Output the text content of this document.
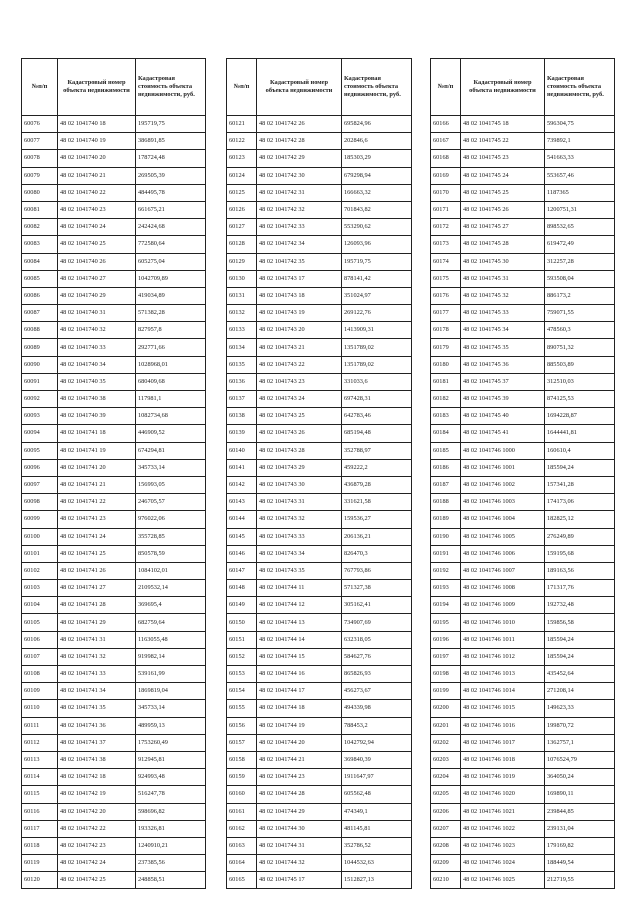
№п/п	Кадастровый номер объекта недвижимости	Кадастровая стоимость объекта недвижимости, руб.
60076	48 02 1041740 18	195719,75
60077	48 02 1041740 19	386891,85
60078	48 02 1041740 20	178724,48
60079	48 02 1041740 21	269505,39
60080	48 02 1041740 22	484495,78
60081	48 02 1041740 23	661675,21
60082	48 02 1041740 24	242424,68
60083	48 02 1041740 25	772580,64
60084	48 02 1041740 26	605275,04
60085	48 02 1041740 27	1042709,89
60086	48 02 1041740 29	419034,89
60087	48 02 1041740 31	571382,28
60088	48 02 1041740 32	827957,8
60089	48 02 1041740 33	292771,66
60090	48 02 1041740 34	1028968,01
60091	48 02 1041740 35	680409,68
60092	48 02 1041740 38	117981,1
60093	48 02 1041740 39	1082734,68
60094	48 02 1041741 18	446909,52
60095	48 02 1041741 19	674294,81
60096	48 02 1041741 20	345733,14
60097	48 02 1041741 21	156993,05
60098	48 02 1041741 22	246705,57
60099	48 02 1041741 23	976022,06
60100	48 02 1041741 24	355728,85
60101	48 02 1041741 25	850578,59
60102	48 02 1041741 26	1084102,01
60103	48 02 1041741 27	2109532,14
60104	48 02 1041741 28	369695,4
60105	48 02 1041741 29	682759,64
60106	48 02 1041741 31	1163055,48
60107	48 02 1041741 32	919982,14
60108	48 02 1041741 33	539161,99
60109	48 02 1041741 34	1869819,04
60110	48 02 1041741 35	345733,14
60111	48 02 1041741 36	489959,13
60112	48 02 1041741 37	1753260,49
60113	48 02 1041741 38	912945,81
60114	48 02 1041742 18	924993,48
60115	48 02 1041742 19	516247,78
60116	48 02 1041742 20	598696,82
60117	48 02 1041742 22	193326,81
60118	48 02 1041742 23	1240910,21
60119	48 02 1041742 24	237385,56
60120	48 02 1041742 25	248858,51
№п/п	Кадастровый номер объекта недвижимости	Кадастровая стоимость объекта недвижимости, руб.
60121	48 02 1041742 26	695824,96
60122	48 02 1041742 28	202846,6
60123	48 02 1041742 29	185303,29
60124	48 02 1041742 30	679298,94
60125	48 02 1041742 31	166663,32
60126	48 02 1041742 32	701843,82
60127	48 02 1041742 33	553290,62
60128	48 02 1041742 34	126093,96
60129	48 02 1041742 35	195719,75
60130	48 02 1041743 17	878141,42
60131	48 02 1041743 18	351024,97
60132	48 02 1041743 19	269122,76
60133	48 02 1041743 20	1413909,31
60134	48 02 1041743 21	1351789,02
60135	48 02 1041743 22	1351789,02
60136	48 02 1041743 23	331033,6
60137	48 02 1041743 24	697428,31
60138	48 02 1041743 25	642783,46
60139	48 02 1041743 26	685194,48
60140	48 02 1041743 28	352788,97
60141	48 02 1041743 29	459222,2
60142	48 02 1041743 30	436879,28
60143	48 02 1041743 31	331621,58
60144	48 02 1041743 32	159536,27
60145	48 02 1041743 33	206136,21
60146	48 02 1041743 34	826470,3
60147	48 02 1041743 35	767793,86
60148	48 02 1041744 11	571327,38
60149	48 02 1041744 12	305162,41
60150	48 02 1041744 13	734907,69
60151	48 02 1041744 14	632318,05
60152	48 02 1041744 15	584627,76
60153	48 02 1041744 16	865826,93
60154	48 02 1041744 17	456273,67
60155	48 02 1041744 18	494339,98
60156	48 02 1041744 19	788453,2
60157	48 02 1041744 20	1042792,94
60158	48 02 1041744 21	369840,39
60159	48 02 1041744 23	1911647,97
60160	48 02 1041744 28	605562,48
60161	48 02 1041744 29	474349,1
60162	48 02 1041744 30	481145,81
60163	48 02 1041744 31	352786,52
60164	48 02 1041744 32	1044532,63
60165	48 02 1041745 17	1512827,13
№п/п	Кадастровый номер объекта недвижимости	Кадастровая стоимость объекта недвижимости, руб.
60166	48 02 1041745 18	596304,75
60167	48 02 1041745 22	739892,1
60168	48 02 1041745 23	541663,33
60169	48 02 1041745 24	553657,46
60170	48 02 1041745 25	1187365
60171	48 02 1041745 26	1200751,31
60172	48 02 1041745 27	898532,65
60173	48 02 1041745 28	619472,49
60174	48 02 1041745 30	312257,28
60175	48 02 1041745 31	593508,04
60176	48 02 1041745 32	886173,2
60177	48 02 1041745 33	759071,55
60178	48 02 1041745 34	478560,3
60179	48 02 1041745 35	890751,32
60180	48 02 1041745 36	885503,89
60181	48 02 1041745 37	312510,03
60182	48 02 1041745 39	874125,53
60183	48 02 1041745 40	1694228,87
60184	48 02 1041745 41	1644441,81
60185	48 02 1041746 1000	160610,4
60186	48 02 1041746 1001	185594,24
60187	48 02 1041746 1002	157341,28
60188	48 02 1041746 1003	174173,06
60189	48 02 1041746 1004	182825,12
60190	48 02 1041746 1005	276249,89
60191	48 02 1041746 1006	159195,68
60192	48 02 1041746 1007	189163,56
60193	48 02 1041746 1008	171317,76
60194	48 02 1041746 1009	192732,48
60195	48 02 1041746 1010	159856,58
60196	48 02 1041746 1011	185594,24
60197	48 02 1041746 1012	185594,24
60198	48 02 1041746 1013	435452,64
60199	48 02 1041746 1014	271208,14
60200	48 02 1041746 1015	149623,33
60201	48 02 1041746 1016	199870,72
60202	48 02 1041746 1017	1362757,1
60203	48 02 1041746 1018	1076524,79
60204	48 02 1041746 1019	364050,24
60205	48 02 1041746 1020	169890,11
60206	48 02 1041746 1021	239844,85
60207	48 02 1041746 1022	239131,04
60208	48 02 1041746 1023	179169,82
60209	48 02 1041746 1024	188449,54
60210	48 02 1041746 1025	212719,55
